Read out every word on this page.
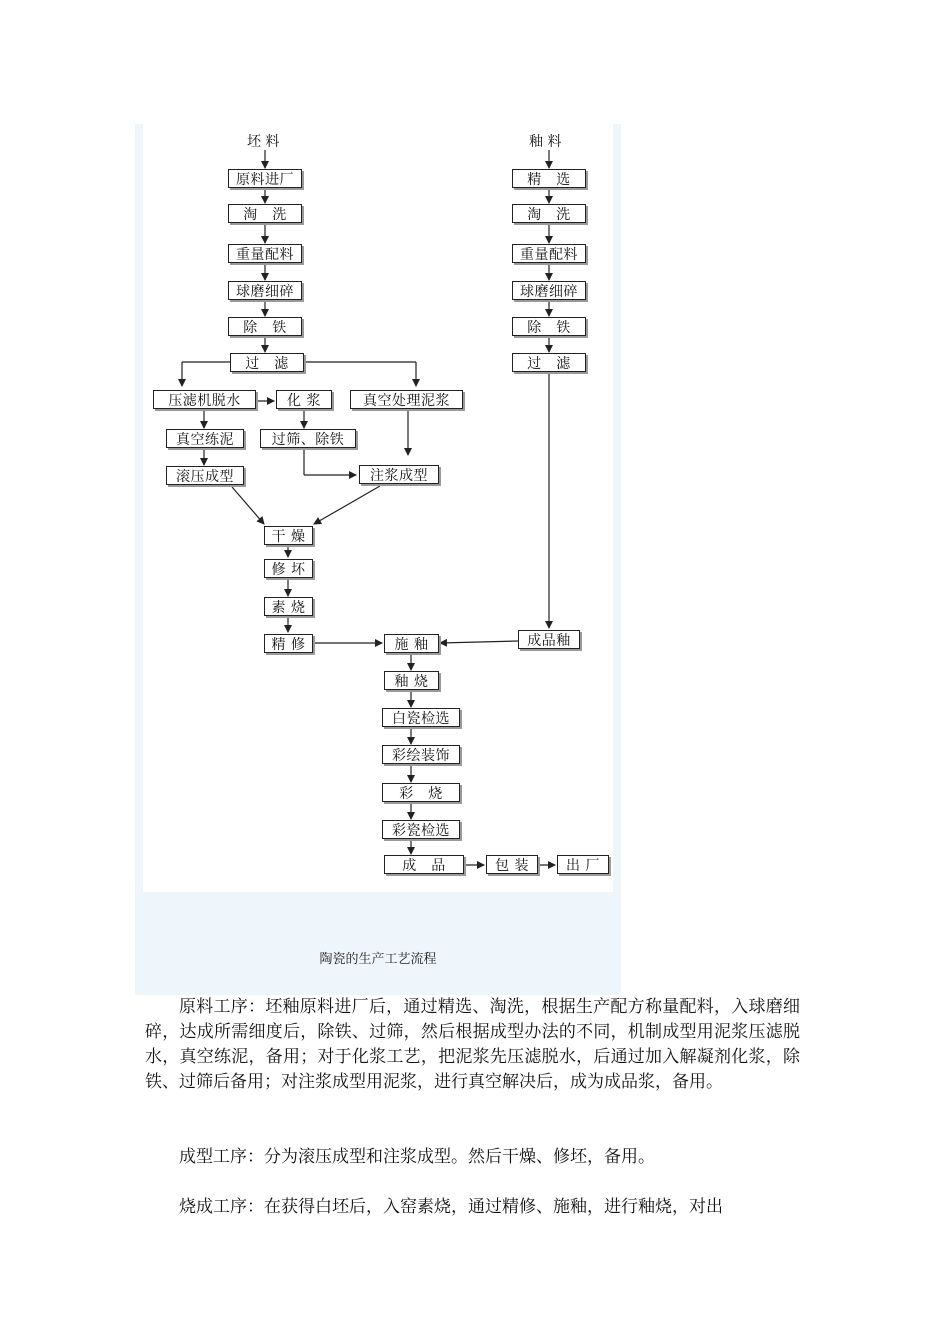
坯 料	釉 料
原料进厂
淘　洗
重量配料
球磨细碎
除　铁
过　滤
精　选
淘　洗
重量配料
球磨细碎
除　铁
过　滤
压滤机脱水
真空练泥
滚压成型
化 浆
过筛、除铁
真空处理泥浆
注浆成型
干 燥
修 坏
素 烧
精 修	成品釉
施 釉
釉 烧
白瓷检选
彩绘装饰
彩　烧
彩瓷检选
成　品	包 装	出 厂
陶瓷的生产工艺流程

原料工序：坯釉原料进厂后，通过精选、淘洗，根据生产配方称量配料，入球磨细碎，达成所需细度后，除铁、过筛，然后根据成型办法的不同，机制成型用泥浆压滤脱水，真空练泥，备用；对于化浆工艺，把泥浆先压滤脱水，后通过加入解凝剂化浆，除铁、过筛后备用；对注浆成型用泥浆，进行真空解决后，成为成品浆，备用。

成型工序：分为滚压成型和注浆成型。然后干燥、修坯，备用。

烧成工序：在获得白坯后，入窑素烧，通过精修、施釉，进行釉烧，对出
